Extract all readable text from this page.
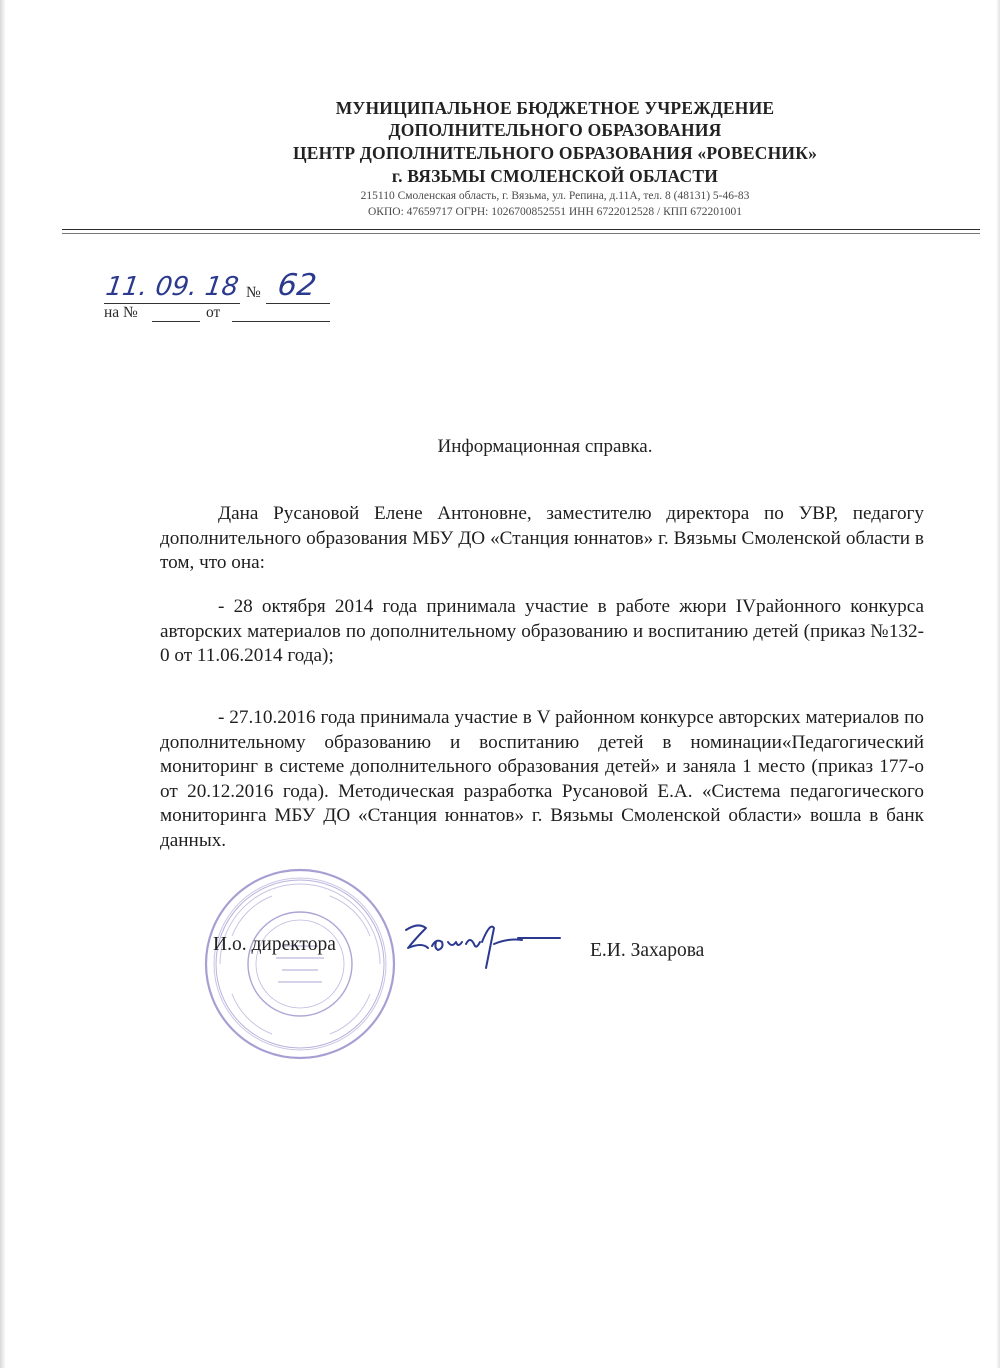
МУНИЦИПАЛЬНОЕ БЮДЖЕТНОЕ УЧРЕЖДЕНИЕ
ДОПОЛНИТЕЛЬНОГО ОБРАЗОВАНИЯ
ЦЕНТР ДОПОЛНИТЕЛЬНОГО ОБРАЗОВАНИЯ «РОВЕСНИК»
г. ВЯЗЬМЫ СМОЛЕНСКОЙ ОБЛАСТИ
215110 Смоленская область, г. Вязьма, ул. Репина, д.11А, тел. 8 (48131) 5-46-83
ОКПО: 47659717 ОГРН: 1026700852551 ИНН 6722012528 / КПП 672201001
11. 09. 18 № 62
на №	от
Информационная справка.
Дана Русановой Елене Антоновне, заместителю директора по УВР, педагогу дополнительного образования МБУ ДО «Станция юннатов» г. Вязьмы Смоленской области в том, что она:
- 28 октября 2014 года принимала участие в работе жюри IVрайонного конкурса авторских материалов по дополнительному образованию и воспитанию детей (приказ №132-0 от 11.06.2014 года);
- 27.10.2016 года принимала участие в V районном конкурсе авторских материалов по дополнительному образованию и воспитанию детей в номинации«Педагогический мониторинг в системе дополнительного образования детей» и заняла 1 место (приказ 177-о от 20.12.2016 года). Методическая разработка Русановой Е.А. «Система педагогического мониторинга МБУ ДО «Станция юннатов» г. Вязьмы Смоленской области» вошла в банк данных.
И.о. директора	Е.И. Захарова
